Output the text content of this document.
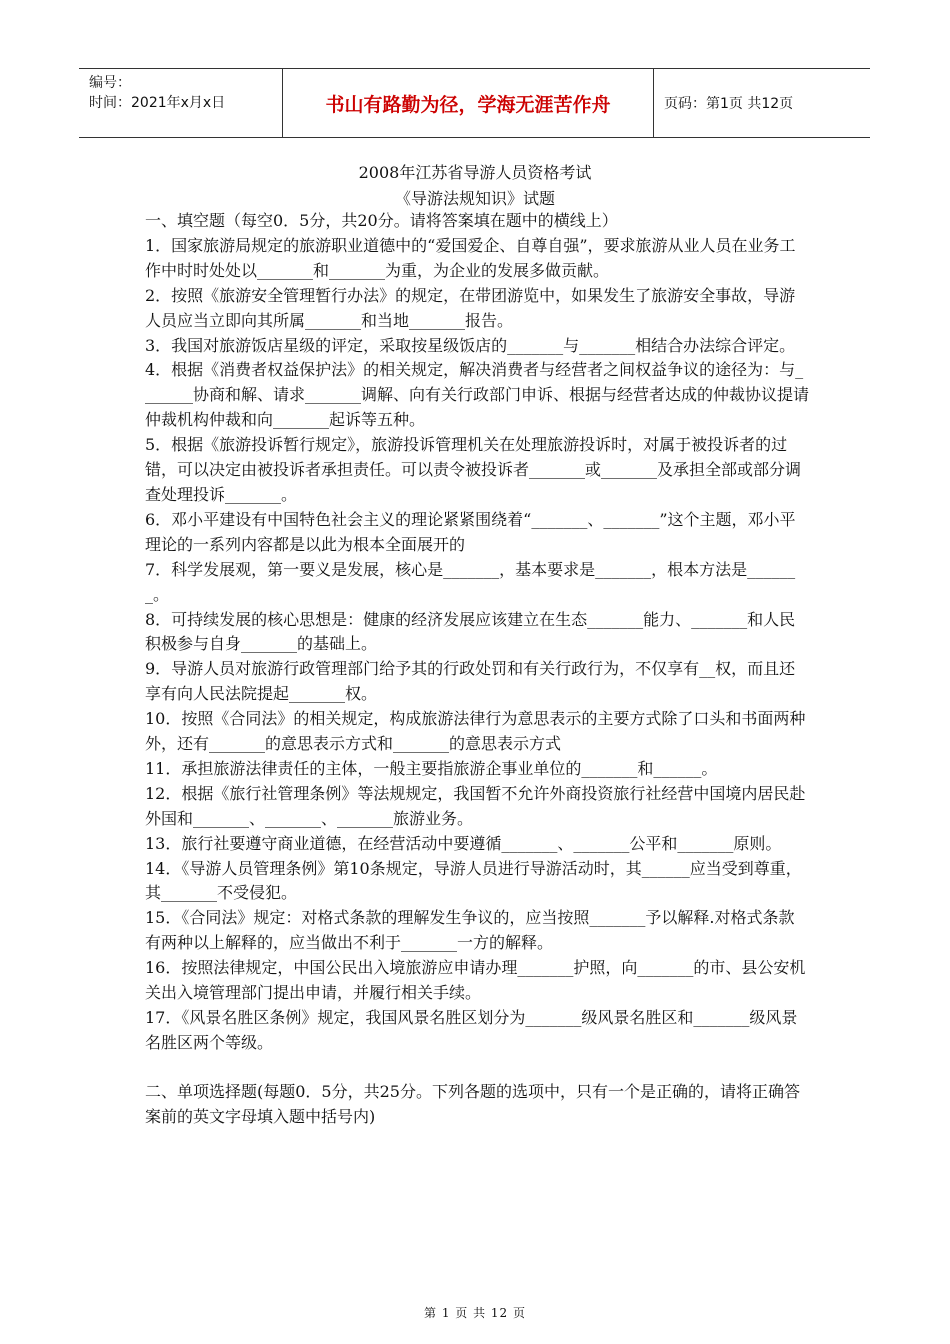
编号：
时间：2021年x月x日	书山有路勤为径，学海无涯苦作舟	页码：第1页 共12页
2008年江苏省导游人员资格考试
《导游法规知识》试题

一、填空题（每空0．5分，共20分。请将答案填在题中的横线上）

1．国家旅游局规定的旅游职业道德中的“爱国爱企、自尊自强”，要求旅游从业人员在业务工作中时时处处以_______和_______为重，为企业的发展多做贡献。

2．按照《旅游安全管理暂行办法》的规定，在带团游览中，如果发生了旅游安全事故，导游人员应当立即向其所属_______和当地_______报告。

3．我国对旅游饭店星级的评定，采取按星级饭店的_______与_______相结合办法综合评定。

4．根据《消费者权益保护法》的相关规定，解决消费者与经营者之间权益争议的途径为：与_______协商和解、请求_______调解、向有关行政部门申诉、根据与经营者达成的仲裁协议提请仲裁机构仲裁和向_______起诉等五种。

5．根据《旅游投诉暂行规定》，旅游投诉管理机关在处理旅游投诉时，对属于被投诉者的过错，可以决定由被投诉者承担责任。可以责令被投诉者_______或_______及承担全部或部分调查处理投诉_______。

6．邓小平建设有中国特色社会主义的理论紧紧围绕着“_______、_______”这个主题，邓小平理论的一系列内容都是以此为根本全面展开的

7．科学发展观，第一要义是发展，核心是_______，基本要求是_______，根本方法是_______。

8．可持续发展的核心思想是：健康的经济发展应该建立在生态_______能力、_______和人民积极参与自身_______的基础上。

9．导游人员对旅游行政管理部门给予其的行政处罚和有关行政行为，不仅享有__权，而且还享有向人民法院提起_______权。

10．按照《合同法》的相关规定，构成旅游法律行为意思表示的主要方式除了口头和书面两种外，还有_______的意思表示方式和_______的意思表示方式

11．承担旅游法律责任的主体，一般主要指旅游企事业单位的_______和______。

12．根据《旅行社管理条例》等法规规定，我国暂不允许外商投资旅行社经营中国境内居民赴外国和_______、_______、_______旅游业务。

13．旅行社要遵守商业道德，在经营活动中要遵循_______、_______公平和_______原则。

14．《导游人员管理条例》第10条规定，导游人员进行导游活动时，其______应当受到尊重，其_______不受侵犯。

15．《合同法》规定：对格式条款的理解发生争议的，应当按照_______予以解释.对格式条款有两种以上解释的，应当做出不利于_______一方的解释。

16．按照法律规定，中国公民出入境旅游应申请办理_______护照，向_______的市、县公安机关出入境管理部门提出申请，并履行相关手续。

17．《风景名胜区条例》规定，我国风景名胜区划分为_______级风景名胜区和_______级风景名胜区两个等级。

二、单项选择题(每题0．5分，共25分。下列各题的选项中，只有一个是正确的，请将正确答案前的英文字母填入题中括号内)

第 1 页 共 12 页
